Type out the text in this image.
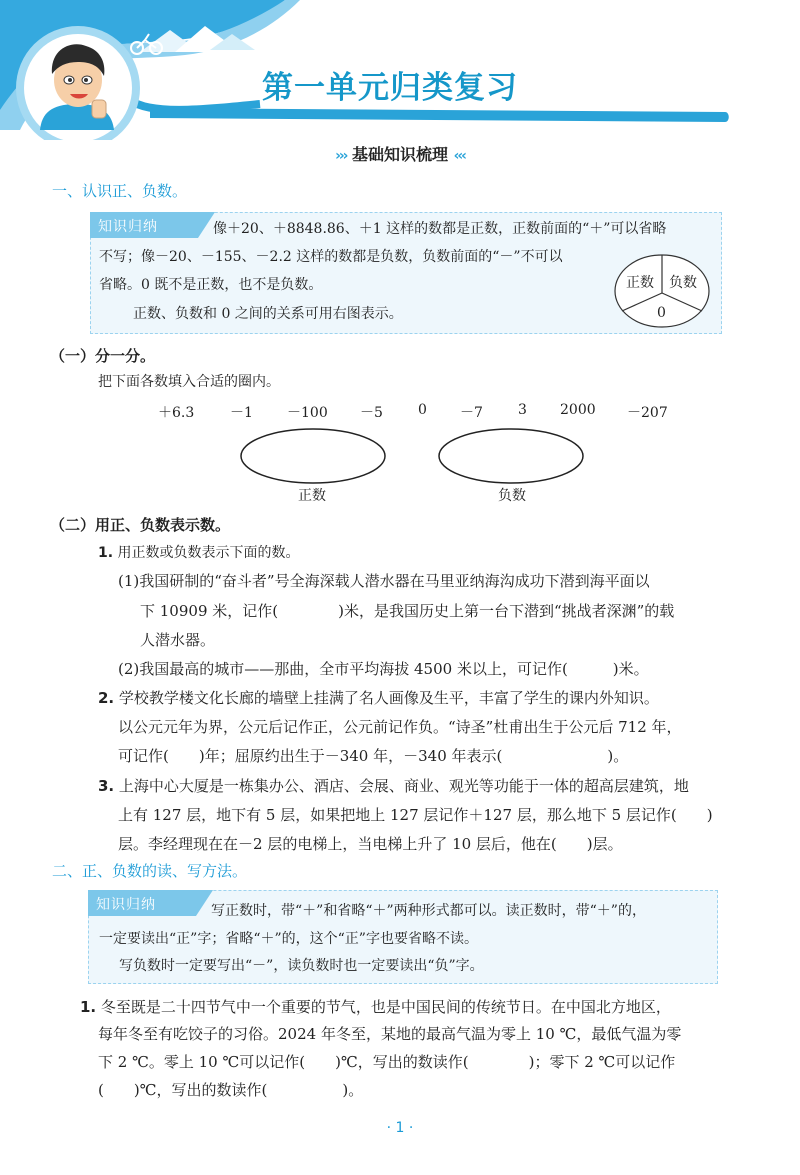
第一单元归类复习
››› 基础知识梳理 ‹‹‹
一、认识正、负数。
知识归纳	像＋20、＋8848.86、＋1 这样的数都是正数，正数前面的“＋”可以省略
不写；像－20、－155、－2.2 这样的数都是负数，负数前面的“－”不可以
省略。0 既不是正数，也不是负数。
正数、负数和 0 之间的关系可用右图表示。
正数 负数
0
（一）分一分。
把下面各数填入合适的圈内。
＋6.3	－1 －100 －5	0 －7	3 2000 －207
正数	负数
（二）用正、负数表示数。
1. 用正数或负数表示下面的数。
(1)我国研制的“奋斗者”号全海深载人潜水器在马里亚纳海沟成功下潜到海平面以
下 10909 米，记作(　　　　)米，是我国历史上第一台下潜到“挑战者深渊”的载
人潜水器。
(2)我国最高的城市——那曲，全市平均海拔 4500 米以上，可记作(　　　)米。
2. 学校教学楼文化长廊的墙壁上挂满了名人画像及生平，丰富了学生的课内外知识。
以公元元年为界，公元后记作正，公元前记作负。“诗圣”杜甫出生于公元后 712 年，
可记作(　　)年；屈原约出生于－340 年，－340 年表示(　　　　　　　)。
3. 上海中心大厦是一栋集办公、酒店、会展、商业、观光等功能于一体的超高层建筑，地
上有 127 层，地下有 5 层，如果把地上 127 层记作＋127 层，那么地下 5 层记作(　　)
层。李经理现在在－2 层的电梯上，当电梯上升了 10 层后，他在(　　)层。
二、正、负数的读、写方法。
知识归纳	写正数时，带“＋”和省略“＋”两种形式都可以。读正数时，带“＋”的，
一定要读出“正”字；省略“＋”的，这个“正”字也要省略不读。
写负数时一定要写出“－”，读负数时也一定要读出“负”字。
1. 冬至既是二十四节气中一个重要的节气，也是中国民间的传统节日。在中国北方地区，
每年冬至有吃饺子的习俗。2024 年冬至，某地的最高气温为零上 10 ℃，最低气温为零
下 2 ℃。零上 10 ℃可以记作(　　)℃，写出的数读作(　　　　)；零下 2 ℃可以记作
(　　)℃，写出的数读作(　　　　　)。
· 1 ·
